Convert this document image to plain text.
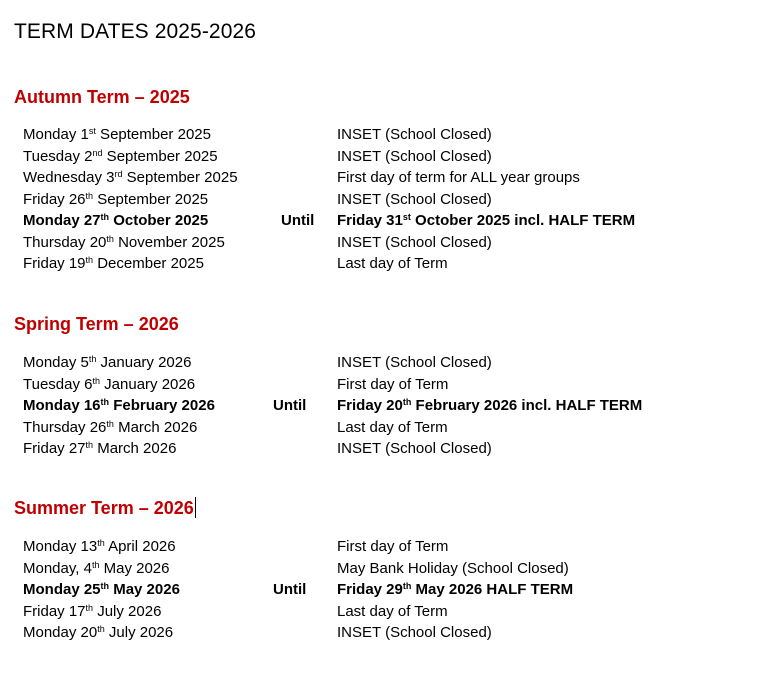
TERM DATES 2025-2026
Autumn Term – 2025
Monday 1st September 2025	INSET (School Closed)
Tuesday 2nd September 2025	INSET (School Closed)
Wednesday 3rd September 2025	First day of term for ALL year groups
Friday 26th September 2025	INSET (School Closed)
Monday 27th October 2025	Until Friday 31st October 2025 incl. HALF TERM
Thursday 20th November 2025	INSET (School Closed)
Friday 19th December 2025	Last day of Term
Spring Term – 2026
Monday 5th January 2026	INSET (School Closed)
Tuesday 6th January 2026	First day of Term
Monday 16th February 2026	Until Friday 20th February 2026 incl. HALF TERM
Thursday 26th March 2026	Last day of Term
Friday 27th March 2026	INSET (School Closed)
Summer Term – 2026
Monday 13th April 2026	First day of Term
Monday, 4th May 2026	May Bank Holiday (School Closed)
Monday 25th May 2026	Until Friday 29th May 2026 HALF TERM
Friday 17th July 2026	Last day of Term
Monday 20th July 2026	INSET (School Closed)
